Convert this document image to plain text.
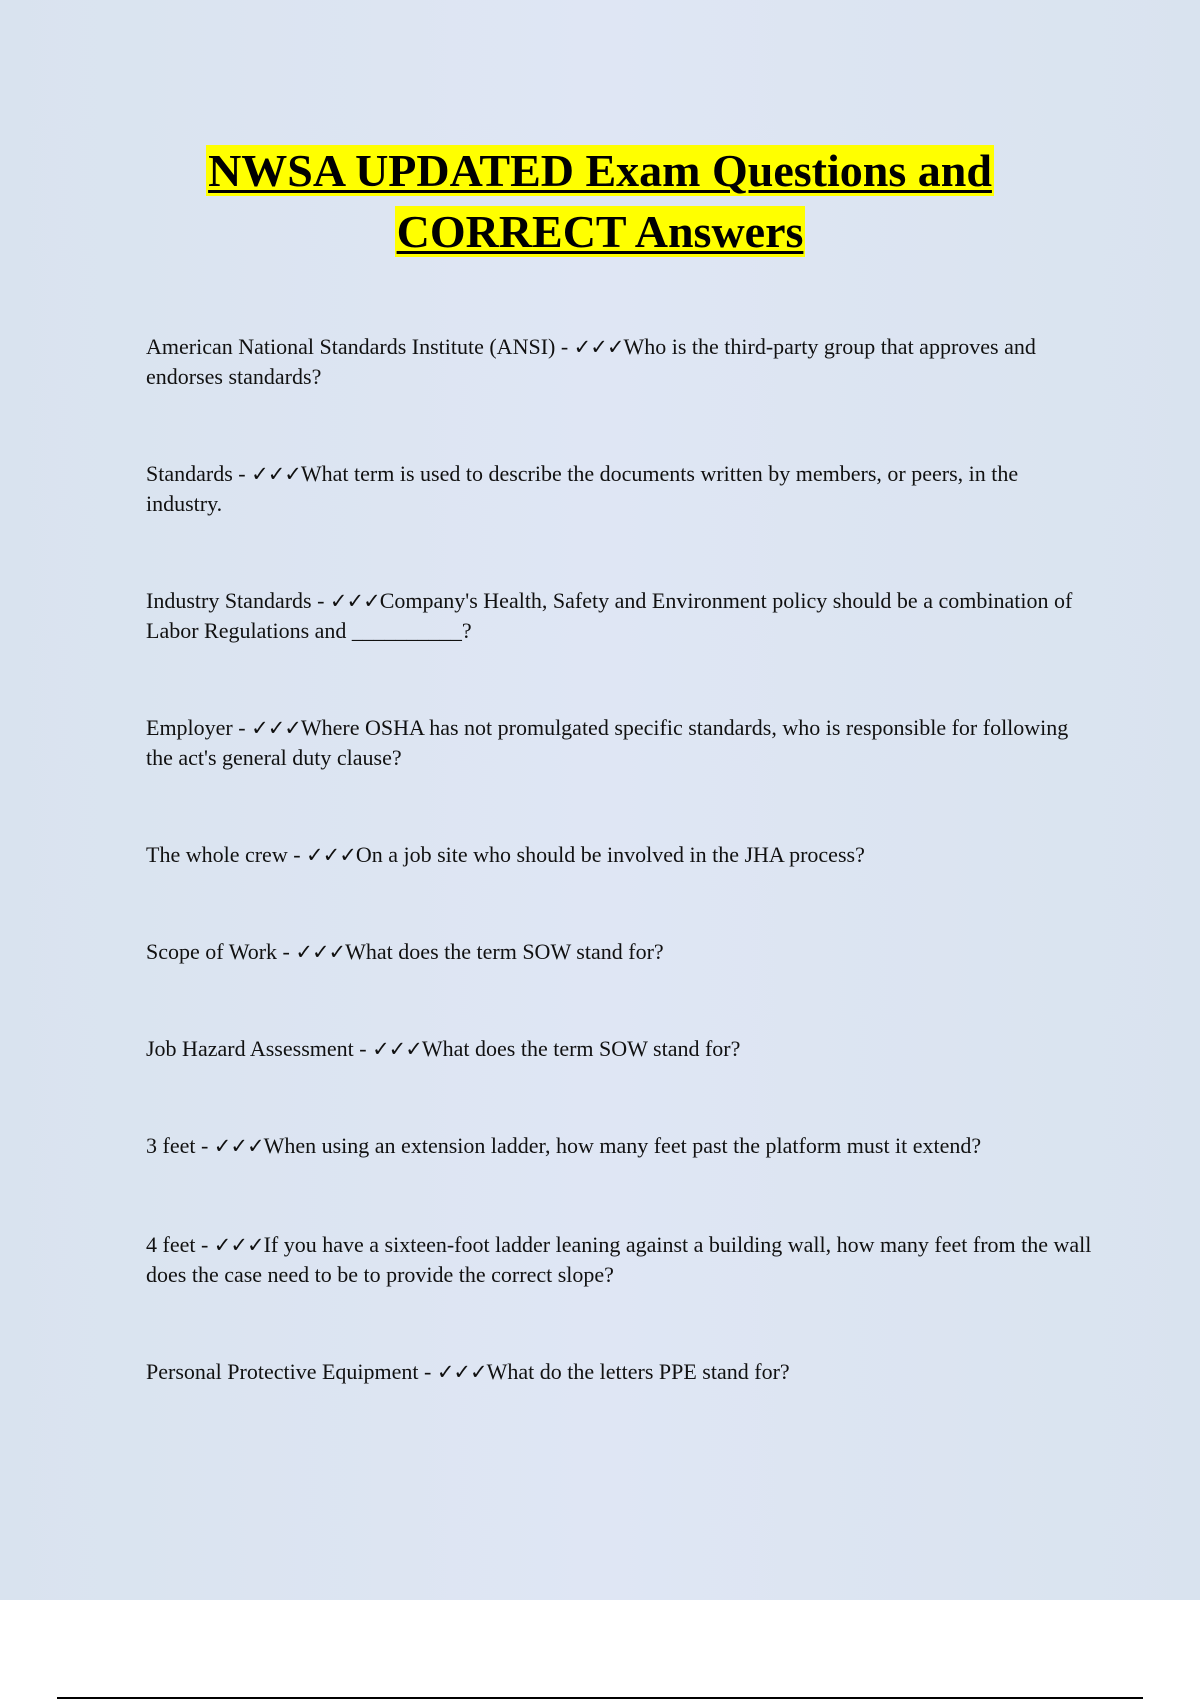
NWSA UPDATED Exam Questions and
CORRECT Answers
American National Standards Institute (ANSI) - ✓✓✓Who is the third-party group that approves and endorses standards?
Standards - ✓✓✓What term is used to describe the documents written by members, or peers, in the industry.
Industry Standards - ✓✓✓Company's Health, Safety and Environment policy should be a combination of Labor Regulations and __________?
Employer - ✓✓✓Where OSHA has not promulgated specific standards, who is responsible for following the act's general duty clause?
The whole crew - ✓✓✓On a job site who should be involved in the JHA process?
Scope of Work - ✓✓✓What does the term SOW stand for?
Job Hazard Assessment - ✓✓✓What does the term SOW stand for?
3 feet - ✓✓✓When using an extension ladder, how many feet past the platform must it extend?
4 feet - ✓✓✓If you have a sixteen-foot ladder leaning against a building wall, how many feet from the wall does the case need to be to provide the correct slope?
Personal Protective Equipment - ✓✓✓What do the letters PPE stand for?
